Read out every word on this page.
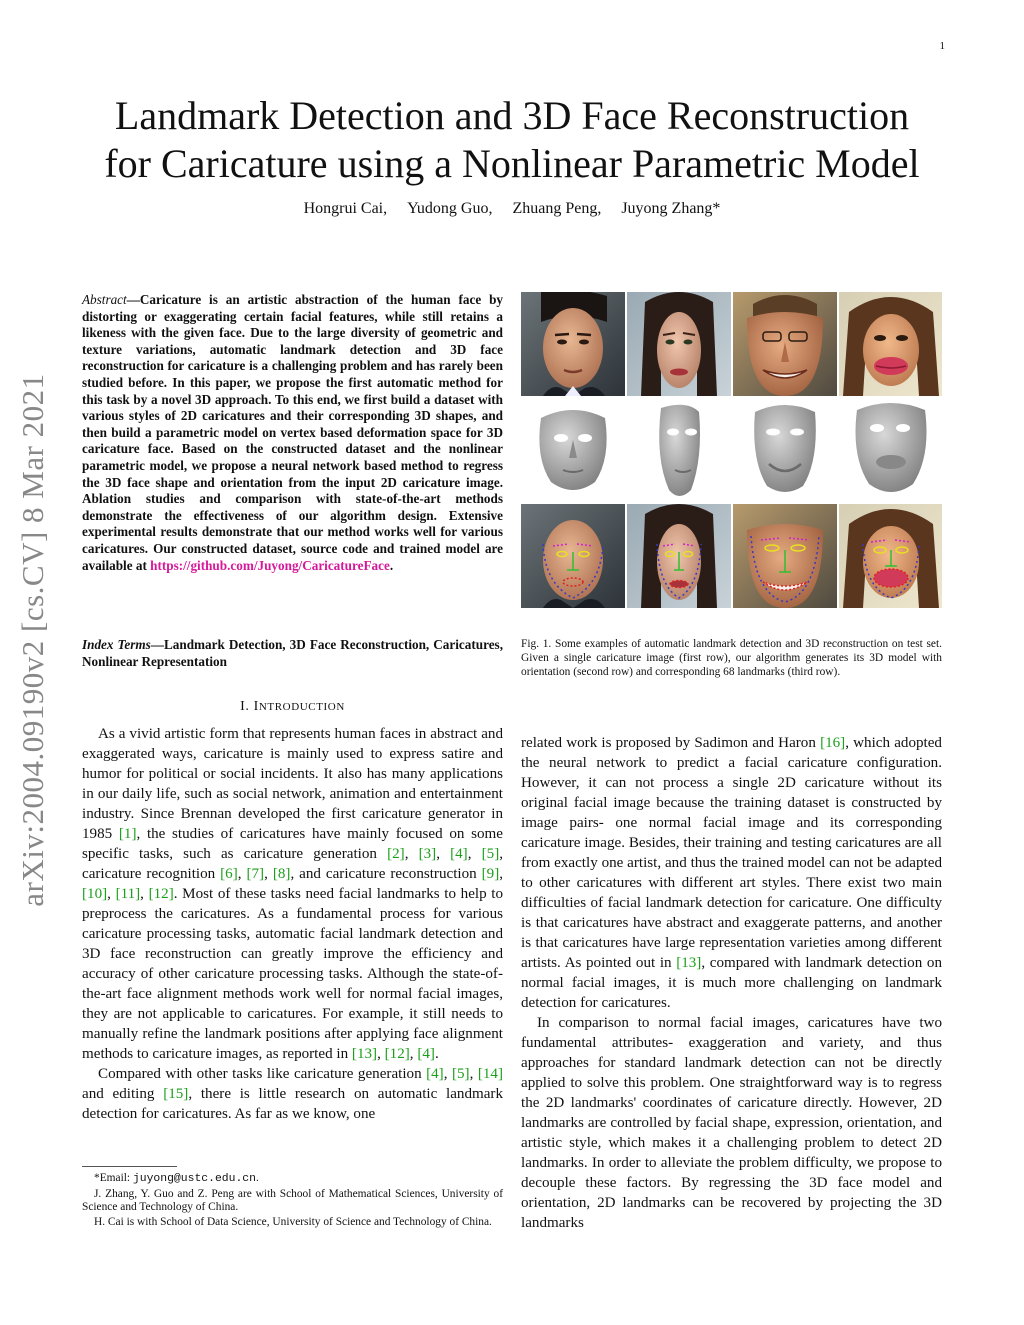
1
Landmark Detection and 3D Face Reconstruction
for Caricature using a Nonlinear Parametric Model
Hongrui Cai, Yudong Guo, Zhuang Peng, Juyong Zhang*
arXiv:2004.09190v2 [cs.CV] 8 Mar 2021
Abstract—Caricature is an artistic abstraction of the human face by distorting or exaggerating certain facial features, while still retains a likeness with the given face. Due to the large diversity of geometric and texture variations, automatic landmark detection and 3D face reconstruction for caricature is a challenging problem and has rarely been studied before. In this paper, we propose the first automatic method for this task by a novel 3D approach. To this end, we first build a dataset with various styles of 2D caricatures and their corresponding 3D shapes, and then build a parametric model on vertex based deformation space for 3D caricature face. Based on the constructed dataset and the nonlinear parametric model, we propose a neural network based method to regress the 3D face shape and orientation from the input 2D caricature image. Ablation studies and comparison with state-of-the-art methods demonstrate the effectiveness of our algorithm design. Extensive experimental results demonstrate that our method works well for various caricatures. Our constructed dataset, source code and trained model are available at https://github.com/Juyong/CaricatureFace.
Index Terms—Landmark Detection, 3D Face Reconstruction, Caricatures, Nonlinear Representation
I. INTRODUCTION

As a vivid artistic form that represents human faces in abstract and exaggerated ways, caricature is mainly used to express satire and humor for political or social incidents. It also has many applications in our daily life, such as social network, animation and entertainment industry. Since Brennan developed the first caricature generator in 1985 [1], the studies of caricatures have mainly focused on some specific tasks, such as caricature generation [2], [3], [4], [5], caricature recognition [6], [7], [8], and caricature reconstruction [9], [10], [11], [12]. Most of these tasks need facial landmarks to help to preprocess the caricatures. As a fundamental process for various caricature processing tasks, automatic facial landmark detection and 3D face reconstruction can greatly improve the efficiency and accuracy of other caricature processing tasks. Although the state-of-the-art face alignment methods work well for normal facial images, they are not applicable to caricatures. For example, it still needs to manually refine the landmark positions after applying face alignment methods to caricature images, as reported in [13], [12], [4].

Compared with other tasks like caricature generation [4], [5], [14] and editing [15], there is little research on automatic landmark detection for caricatures. As far as we know, one

*Email: juyong@ustc.edu.cn.

J. Zhang, Y. Guo and Z. Peng are with School of Mathematical Sciences, University of Science and Technology of China.

H. Cai is with School of Data Science, University of Science and Technology of China.

Fig. 1. Some examples of automatic landmark detection and 3D reconstruction on test set. Given a single caricature image (first row), our algorithm generates its 3D model with orientation (second row) and corresponding 68 landmarks (third row).

related work is proposed by Sadimon and Haron [16], which adopted the neural network to predict a facial caricature configuration. However, it can not process a single 2D caricature without its original facial image because the training dataset is constructed by image pairs- one normal facial image and its corresponding caricature image. Besides, their training and testing caricatures are all from exactly one artist, and thus the trained model can not be adapted to other caricatures with different art styles. There exist two main difficulties of facial landmark detection for caricature. One difficulty is that caricatures have abstract and exaggerate patterns, and another is that caricatures have large representation varieties among different artists. As pointed out in [13], compared with landmark detection on normal facial images, it is much more challenging on landmark detection for caricatures.

In comparison to normal facial images, caricatures have two fundamental attributes- exaggeration and variety, and thus approaches for standard landmark detection can not be directly applied to solve this problem. One straightforward way is to regress the 2D landmarks' coordinates of caricature directly. However, 2D landmarks are controlled by facial shape, expression, orientation, and artistic style, which makes it a challenging problem to detect 2D landmarks. In order to alleviate the problem difficulty, we propose to decouple these factors. By regressing the 3D face model and orientation, 2D landmarks can be recovered by projecting the 3D landmarks
